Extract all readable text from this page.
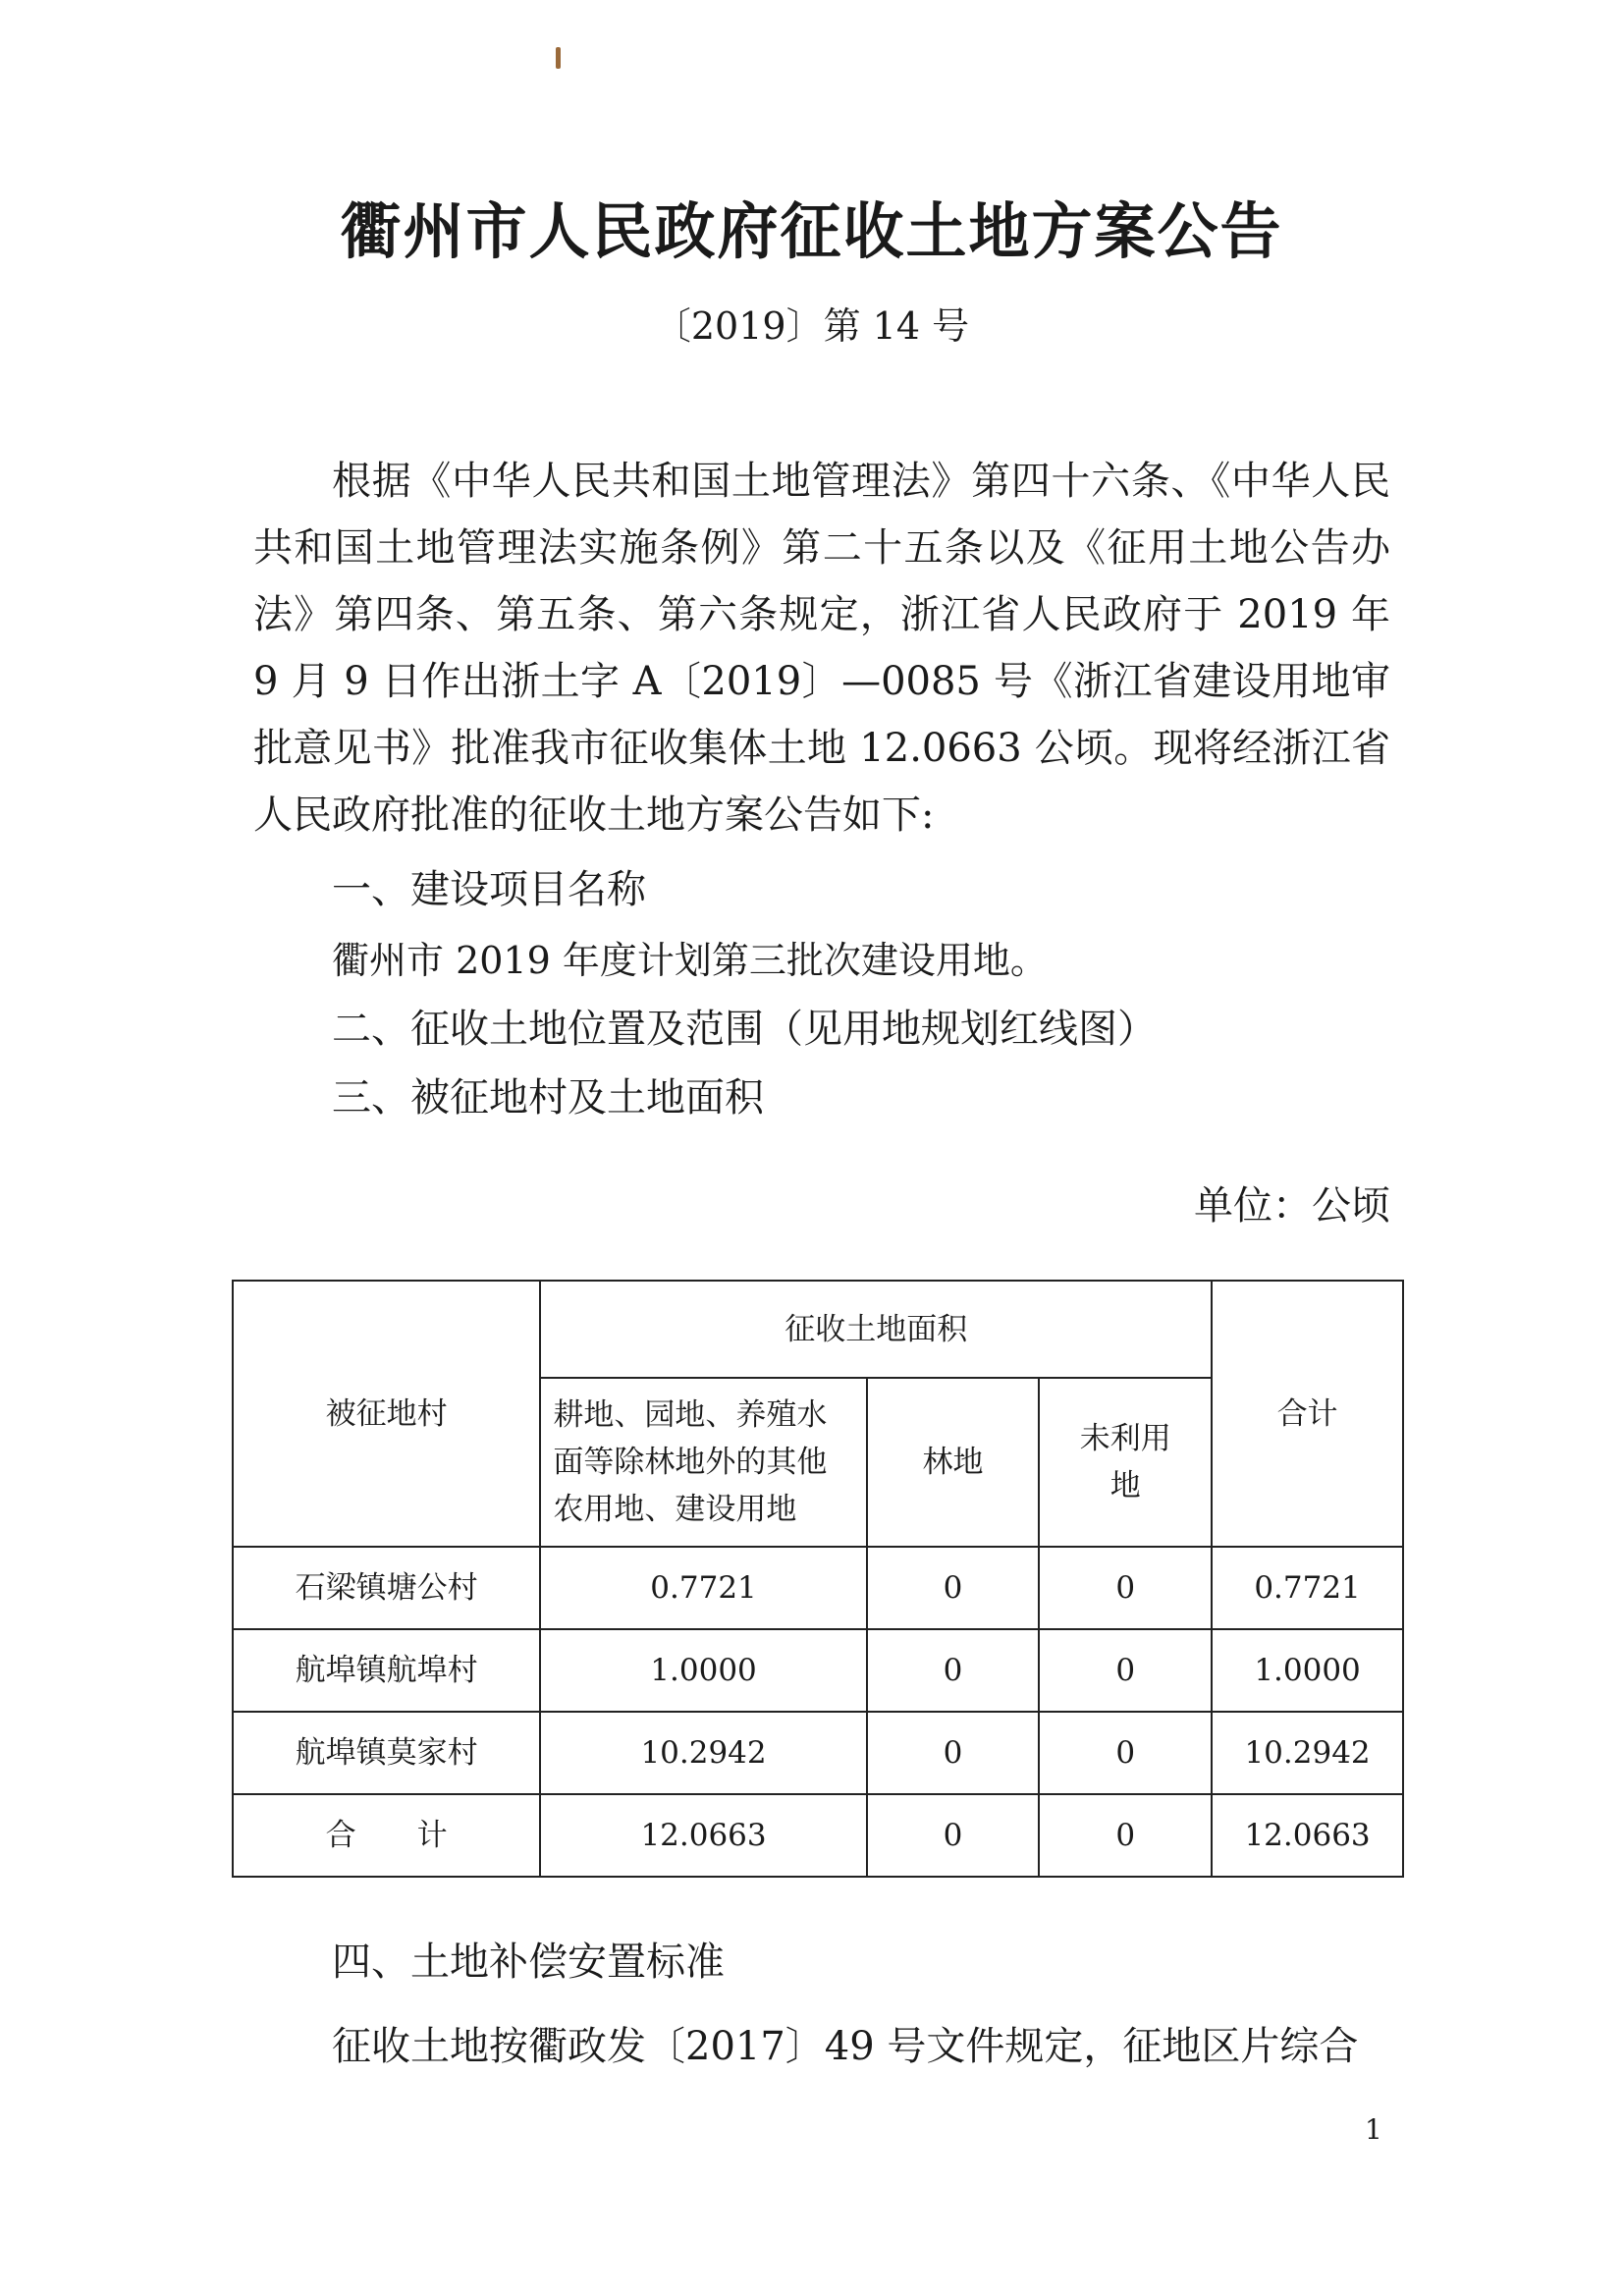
衢州市人民政府征收土地方案公告
〔2019〕第 14 号
根据《中华人民共和国土地管理法》第四十六条、《中华人民共和国土地管理法实施条例》第二十五条以及《征用土地公告办法》第四条、第五条、第六条规定，浙江省人民政府于 2019 年 9 月 9 日作出浙土字 A〔2019〕—0085 号《浙江省建设用地审批意见书》批准我市征收集体土地 12.0663 公顷。现将经浙江省人民政府批准的征收土地方案公告如下:
一、建设项目名称
衢州市 2019 年度计划第三批次建设用地。
二、征收土地位置及范围（见用地规划红线图）
三、被征地村及土地面积
单位：公顷
被征地村	征收土地面积			合计
	耕地、园地、养殖水面等除林地外的其他农用地、建设用地	林地	未利用地	
石梁镇塘公村	0.7721	0	0	0.7721
航埠镇航埠村	1.0000	0	0	1.0000
航埠镇莫家村	10.2942	0	0	10.2942
合　　计	12.0663	0	0	12.0663
四、土地补偿安置标准
征收土地按衢政发〔2017〕49 号文件规定，征地区片综合
1
